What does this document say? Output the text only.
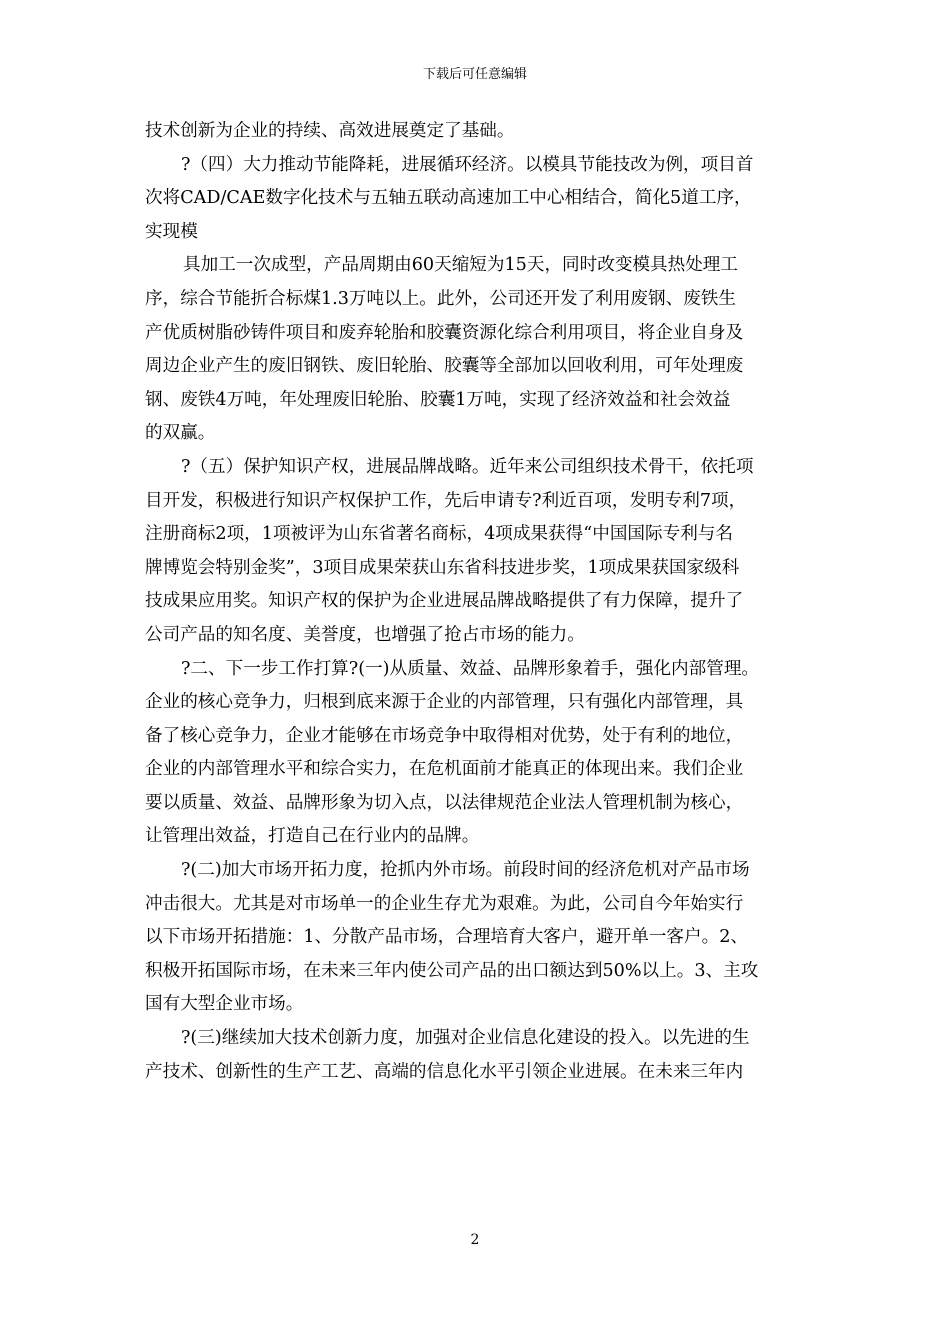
下载后可任意编辑
技术创新为企业的持续、高效进展奠定了基础。
?（四）大力推动节能降耗，进展循环经济。以模具节能技改为例，项目首
次将CAD/CAE数字化技术与五轴五联动高速加工中心相结合，简化5道工序，
实现模
具加工一次成型，产品周期由60天缩短为15天，同时改变模具热处理工
序，综合节能折合标煤1.3万吨以上。此外，公司还开发了利用废钢、废铁生
产优质树脂砂铸件项目和废弃轮胎和胶囊资源化综合利用项目，将企业自身及
周边企业产生的废旧钢铁、废旧轮胎、胶囊等全部加以回收利用，可年处理废
钢、废铁4万吨，年处理废旧轮胎、胶囊1万吨，实现了经济效益和社会效益
的双赢。
?（五）保护知识产权，进展品牌战略。近年来公司组织技术骨干，依托项
目开发，积极进行知识产权保护工作，先后申请专?利近百项，发明专利7项，
注册商标2项，1项被评为山东省著名商标，4项成果获得“中国国际专利与名
牌博览会特别金奖”，3项目成果荣获山东省科技进步奖，1项成果获国家级科
技成果应用奖。知识产权的保护为企业进展品牌战略提供了有力保障，提升了
公司产品的知名度、美誉度，也增强了抢占市场的能力。
?二、下一步工作打算?(一)从质量、效益、品牌形象着手，强化内部管理。
企业的核心竞争力，归根到底来源于企业的内部管理，只有强化内部管理，具
备了核心竞争力，企业才能够在市场竞争中取得相对优势，处于有利的地位，
企业的内部管理水平和综合实力，在危机面前才能真正的体现出来。我们企业
要以质量、效益、品牌形象为切入点，以法律规范企业法人管理机制为核心，
让管理出效益，打造自己在行业内的品牌。
?(二)加大市场开拓力度，抢抓内外市场。前段时间的经济危机对产品市场
冲击很大。尤其是对市场单一的企业生存尤为艰难。为此，公司自今年始实行
以下市场开拓措施：1、分散产品市场，合理培育大客户，避开单一客户。2、
积极开拓国际市场，在未来三年内使公司产品的出口额达到50%以上。3、主攻
国有大型企业市场。
?(三)继续加大技术创新力度，加强对企业信息化建设的投入。以先进的生
产技术、创新性的生产工艺、高端的信息化水平引领企业进展。在未来三年内
2
